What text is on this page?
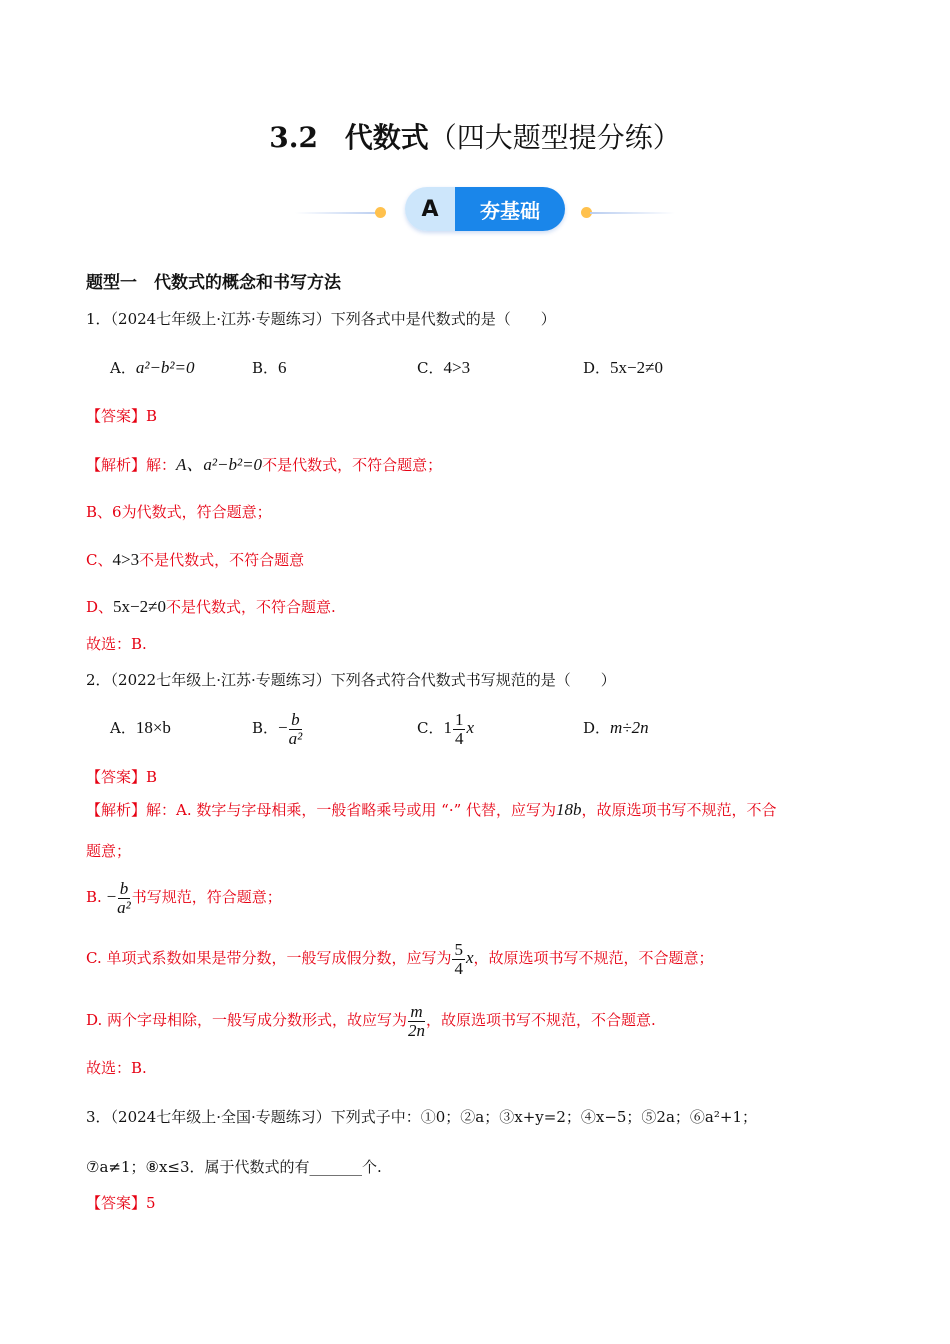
3.2 代数式（四大题型提分练）
A	夯基础
题型一　代数式的概念和书写方法
1．（2024七年级上·江苏·专题练习）下列各式中是代数式的是（　　）
A．a²−b²=0	B．6	C．4>3	D．5x−2≠0
【答案】B
【解析】解：A、a²−b²=0不是代数式，不符合题意；
B、6为代数式，符合题意；
C、4>3不是代数式，不符合题意
D、5x−2≠0不是代数式，不符合题意.
故选：B.
2．（2022七年级上·江苏·专题练习）下列各式符合代数式书写规范的是（　　）
A．18×b	B．− $\frac{b}{\text{a²}}$	C．$1 \frac{1}{4}$ x	D．m÷2n
【答案】B
【解析】解：A. 数字与字母相乘，一般省略乘号或用 “·” 代替，应写为18b，故原选项书写不规范，不合
题意；
B. − $\frac{b}{\text{a²}}$ 书写规范，符合题意；
C. 单项式系数如果是带分数，一般写成假分数，应写为 $\frac{5}{4}$ x，故原选项书写不规范，不合题意；
D. 两个字母相除，一般写成分数形式，故应写为 $\frac{m}{2n}$ ，故原选项书写不规范，不合题意.
故选：B.
3．（2024七年级上·全国·专题练习）下列式子中：①0；②a；③x+y=2；④x−5；⑤2a；⑥a²+1；
⑦a≠1；⑧x≤3．属于代数式的有_______个.
【答案】5
